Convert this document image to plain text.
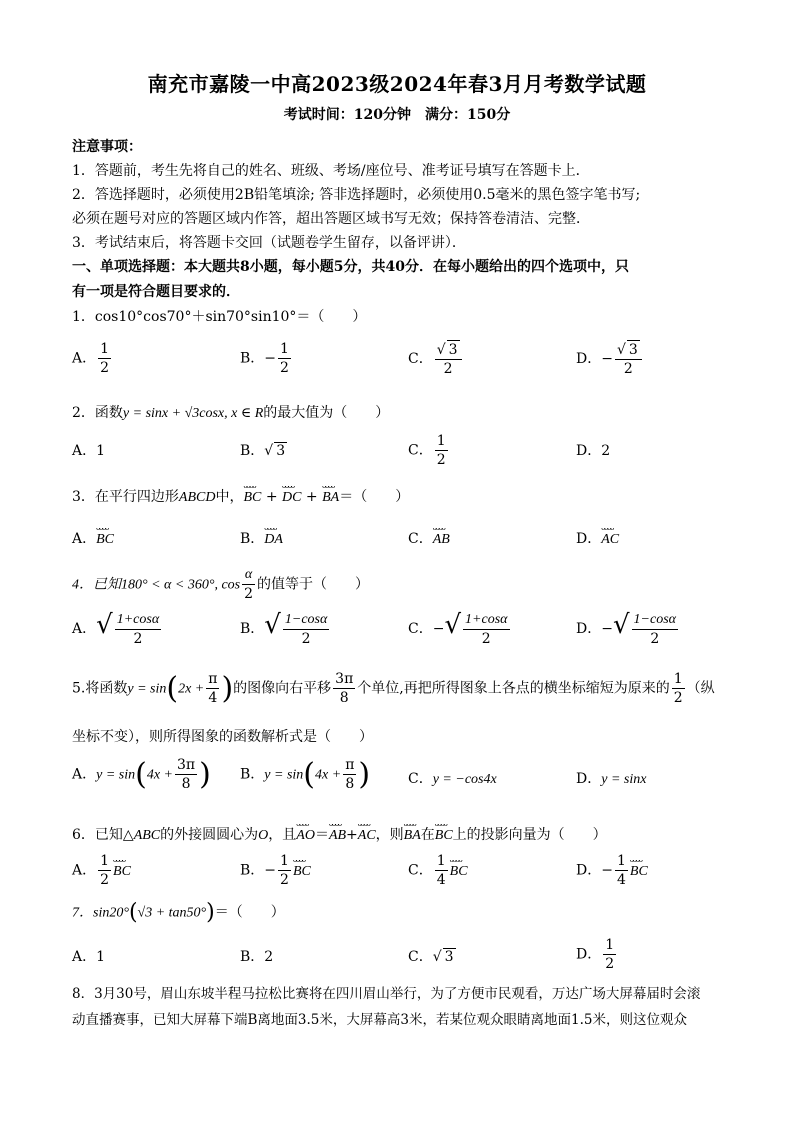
南充市嘉陵一中高2023级2024年春3月月考数学试题
考试时间：120分钟　满分：150分
注意事项：
1．答题前，考生先将自己的姓名、班级、考场/座位号、准考证号填写在答题卡上．
2．答选择题时，必须使用2B铅笔填涂; 答非选择题时，必须使用0.5毫米的黑色签字笔书写;
必须在题号对应的答题区域内作答，超出答题区域书写无效；保持答卷清洁、完整．
3．考试结束后，将答题卡交回（试题卷学生留存，以备评讲）．
一、单项选择题：本大题共8小题，每小题5分，共40分．在每小题给出的四个选项中，只
有一项是符合题目要求的．
1．cos10°cos70°＋sin70°sin10°＝（　　）
A． $\frac{1}{2}$	B．− $\frac{1}{2}$	C． $\frac{√ 3}{2}$	D．− $\frac{√ 3}{2}$
2．函数y = sinx + √3cosx, x ∈ R的最大值为（　　）
A．1	B．√ 3	C． $\frac{1}{2}$	D．2
3．在平行四边形ABCD中，ᴗᴗᴗᴗ BC + ᴗᴗᴗᴗ DC + ᴗᴗᴗᴗ BA＝（　　）
A．ᴗᴗᴗᴗ BC	B．ᴗᴗᴗᴗ DA	C．ᴗᴗᴗᴗ AB	D．ᴗᴗᴗᴗ AC
4．已知180° < α < 360°, $\cos \frac{\alpha}{2}$ 的值等于（　　）
A．√ $\frac{1+\cos\alpha}{2}$	B．√ $\frac{1-\cos\alpha}{2}$	C．−√ $\frac{1+\cos\alpha}{2}$	D．−√ $\frac{1-\cos\alpha}{2}$
5.将函数$y = \sin(2x + \frac{\pi}{4}$ )的图像向右平移 $\frac{3\pi}{8}$ 个单位,再把所得图象上各点的横坐标缩短为原来的 $\frac{1}{2}$ （纵
坐标不变），则所得图象的函数解析式是（　　）
A．$y = \sin(4x + \frac{3\pi}{8}$ ) B．$y = \sin(4x + \frac{\pi}{8}$ )	C．y = −cos4x	D．y = sinx
6．已知△ABC的外接圆圆心为O，且ᴗᴗᴗᴗ AO＝ᴗᴗᴗᴗ AB+ᴗᴗᴗᴗ AC，则ᴗᴗᴗᴗ BA在ᴗᴗᴗᴗ BC上的投影向量为（　　）
A． $\frac{1}{2}$ ᴗᴗᴗᴗ BC	B．− $\frac{1}{2}$ ᴗᴗᴗᴗ BC	C． $\frac{1}{4}$ ᴗᴗᴗᴗ BC	D．− $\frac{1}{4}$ ᴗᴗᴗᴗ BC
7．sin20°(√3 + tan50°)＝（　　）
A．1	B．2	C．√ 3	D． $\frac{1}{2}$
8．3月30号，眉山东坡半程马拉松比赛将在四川眉山举行，为了方便市民观看，万达广场大屏幕届时会滚
动直播赛事，已知大屏幕下端B离地面3.5米，大屏幕高3米，若某位观众眼睛离地面1.5米，则这位观众
